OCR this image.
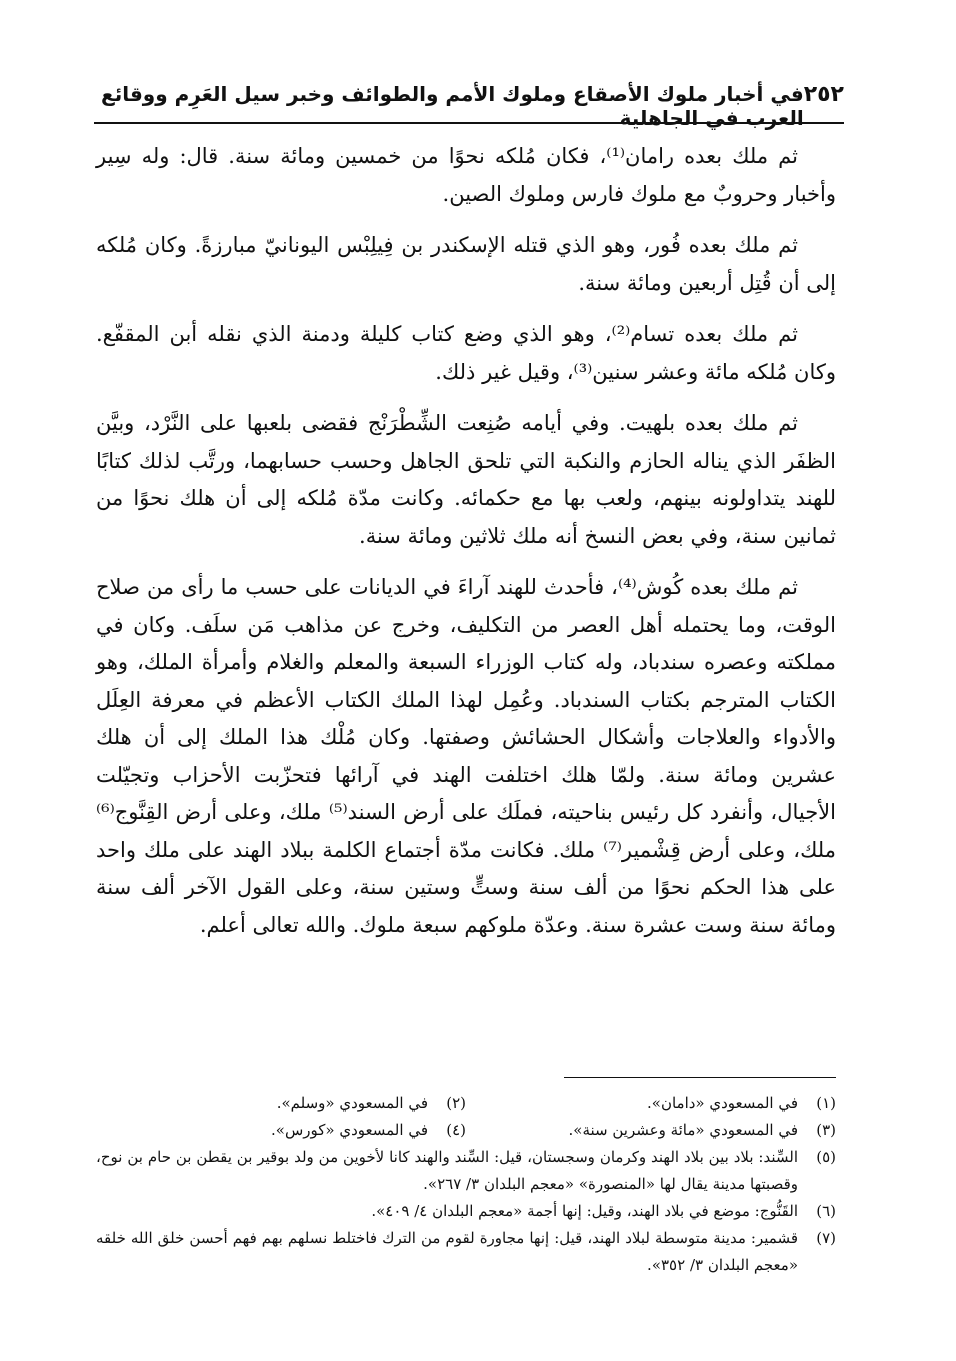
٢٥٢
في أخبار ملوك الأصقاع وملوك الأمم والطوائف وخبر سيل العَرِم ووقائع العرب في الجاهلية

ثم ملك بعده رامان⁽¹⁾، فكان مُلكه نحوًا من خمسين ومائة سنة. قال: وله سِير وأخبار وحروبٌ مع ملوك فارس وملوك الصين.

ثم ملك بعده فُور، وهو الذي قتله الإسكندر بن فِيلِبْس اليونانيّ مبارزةً. وكان مُلكه إلى أن قُتِل أربعين ومائة سنة.

ثم ملك بعده تسام⁽²⁾، وهو الذي وضع كتاب كليلة ودمنة الذي نقله أبن المقفّع. وكان مُلكه مائة وعشر سنين⁽³⁾، وقيل غير ذلك.

ثم ملك بعده بلهيت. وفي أيامه صُنِعت الشِّطْرَنْج فقضى بلعبها على النَّرْد، وبيَّن الظفَر الذي يناله الحازم والنكبة التي تلحق الجاهل وحسب حسابهما، ورتَّب لذلك كتابًا للهند يتداولونه بينهم، ولعب بها مع حكمائه. وكانت مدّة مُلكه إلى أن هلك نحوًا من ثمانين سنة، وفي بعض النسخ أنه ملك ثلاثين ومائة سنة.

ثم ملك بعده كُوش⁽⁴⁾، فأحدث للهند آراءَ في الديانات على حسب ما رأى من صلاح الوقت، وما يحتمله أهل العصر من التكليف، وخرج عن مذاهب مَن سلَف. وكان في مملكته وعصره سندباد، وله كتاب الوزراء السبعة والمعلم والغلام وأمرأة الملك، وهو الكتاب المترجم بكتاب السندباد. وعُمِل لهذا الملك الكتاب الأعظم في معرفة العِلَل والأدواء والعلاجات وأشكال الحشائش وصفتها. وكان مُلْك هذا الملك إلى أن هلك عشرين ومائة سنة. ولمّا هلك اختلفت الهند في آرائها فتحزّبت الأحزاب وتجيّلت الأجيال، وأنفرد كل رئيس بناحيته، فملَك على أرض السند⁽⁵⁾ ملك، وعلى أرض القِنَّوج⁽⁶⁾ ملك، وعلى أرض قِشْمير⁽⁷⁾ ملك. فكانت مدّة أجتماع الكلمة ببلاد الهند على ملك واحد على هذا الحكم نحوًا من ألف سنة وستٍّ وستين سنة، وعلى القول الآخر ألف سنة ومائة سنة وست عشرة سنة. وعدّة ملوكهم سبعة ملوك. والله تعالى أعلم.

(١)
في المسعودي «دامان».
(٢)
في المسعودي «وسلم».
(٣)
في المسعودي «مائة وعشرين سنة».
(٤)
في المسعودي «كورس».
(٥)
السِّند: بلاد بين بلاد الهند وكرمان وسجستان، قيل: السِّند والهند كانا لأخوين من ولد بوقير بن يقطن بن حام بن نوح، وقصبتها مدينة يقال لها «المنصورة» «معجم البلدان ٣/ ٢٦٧».
(٦)
القَنُّوج: موضع في بلاد الهند، وقيل: إنها أجمة «معجم البلدان ٤/ ٤٠٩».
(٧)
قشمير: مدينة متوسطة لبلاد الهند، قيل: إنها مجاورة لقوم من الترك فاختلط نسلهم بهم فهم أحسن خلق الله خلقه «معجم البلدان ٣/ ٣٥٢».
